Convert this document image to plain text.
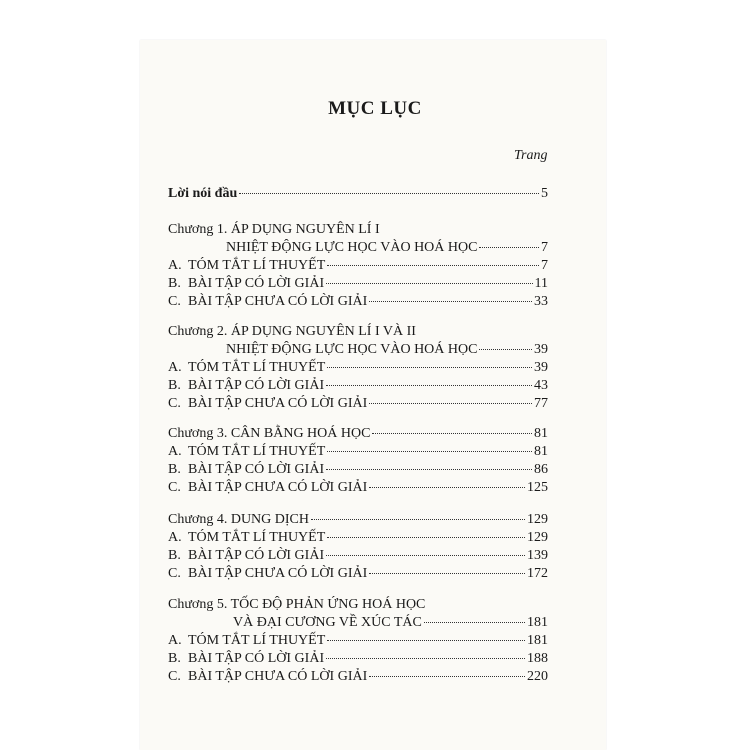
MỤC LỤC
Trang
Lời nói đầu	5
Chương 1. ÁP DỤNG NGUYÊN LÍ I
NHIỆT ĐỘNG LỰC HỌC VÀO HOÁ HỌC	7
A. TÓM TẮT LÍ THUYẾT	7
B. BÀI TẬP CÓ LỜI GIẢI	11
C. BÀI TẬP CHƯA CÓ LỜI GIẢI	33
Chương 2. ÁP DỤNG NGUYÊN LÍ I VÀ II
NHIỆT ĐỘNG LỰC HỌC VÀO HOÁ HỌC	39
A. TÓM TẮT LÍ THUYẾT	39
B. BÀI TẬP CÓ LỜI GIẢI	43
C. BÀI TẬP CHƯA CÓ LỜI GIẢI	77
Chương 3. CÂN BẰNG HOÁ HỌC	81
A. TÓM TẮT LÍ THUYẾT	81
B. BÀI TẬP CÓ LỜI GIẢI	86
C. BÀI TẬP CHƯA CÓ LỜI GIẢI	125
Chương 4. DUNG DỊCH	129
A. TÓM TẮT LÍ THUYẾT	129
B. BÀI TẬP CÓ LỜI GIẢI	139
C. BÀI TẬP CHƯA CÓ LỜI GIẢI	172
Chương 5. TỐC ĐỘ PHẢN ỨNG HOÁ HỌC
VÀ ĐẠI CƯƠNG VỀ XÚC TÁC	181
A. TÓM TẮT LÍ THUYẾT	181
B. BÀI TẬP CÓ LỜI GIẢI	188
C. BÀI TẬP CHƯA CÓ LỜI GIẢI	220
